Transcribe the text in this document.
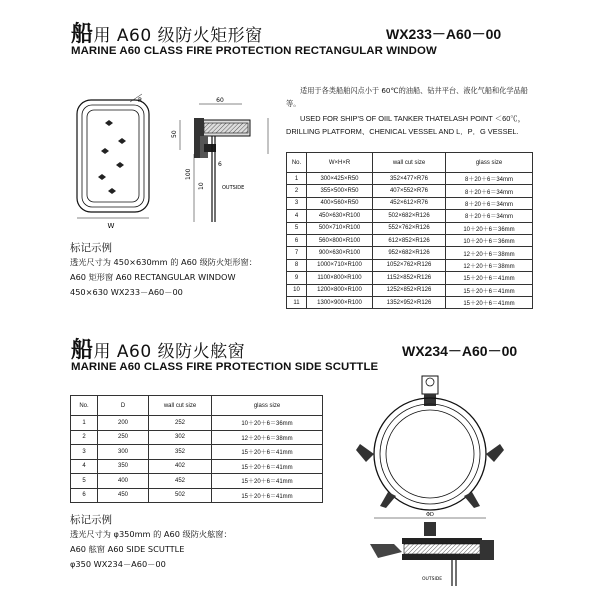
船用 A60 级防火矩形窗	WX233－A60－00
MARINE A60 CLASS FIRE PROTECTION RECTANGULAR WINDOW
W
R	60
50
100
10
6
OUTSIDE
适用于各类船舶闪点小于 60℃的油船、钻井平台、液化气船和化学品船等。
USED FOR SHIP'S OF OIIL TANKER THATELASH POINT ＜60℃，DRILLING PLATFORM、CHENICAL VESSEL AND L．P．G VESSEL.
标记示例
透光尺寸为 450×630mm 的 A60 级防火矩形窗：
A60 矩形窗 A60 RECTANGULAR WINDOW
450×630 WX233－A60－00
No.	W×H×R	wall cut size	glass size
1	300×425×R50	352×477×R76	8＋20＋6＝34mm
2	355×500×R50	407×552×R76	8＋20＋6＝34mm
3	400×560×R50	452×612×R76	8＋20＋6＝34mm
4	450×630×R100	502×682×R126	8＋20＋6＝34mm
5	500×710×R100	552×762×R126	10＋20＋6＝36mm
6	560×800×R100	612×852×R126	10＋20＋6＝36mm
7	900×630×R100	952×682×R126	12＋20＋6＝38mm
8	1000×710×R100	1052×762×R126	12＋20＋6＝38mm
9	1100×800×R100	1152×852×R126	15＋20＋6＝41mm
10	1200×800×R100	1252×852×R126	15＋20＋6＝41mm
11	1300×900×R100	1352×952×R126	15＋20＋6＝41mm
船用 A60 级防火舷窗	WX234－A60－00
MARINE A60 CLASS FIRE PROTECTION SIDE SCUTTLE
No.	D	wall cut size	glass size
1	200	252	10＋20＋6＝36mm
2	250	302	12＋20＋6＝38mm
3	300	352	15＋20＋6＝41mm
4	350	402	15＋20＋6＝41mm
5	400	452	15＋20＋6＝41mm
6	450	502	15＋20＋6＝41mm
标记示例
透光尺寸为 φ350mm 的 A60 级防火舷窗：
A60 舷窗 A60 SIDE SCUTTLE
φ350 WX234－A60－00
ΦD
OUTSIDE
